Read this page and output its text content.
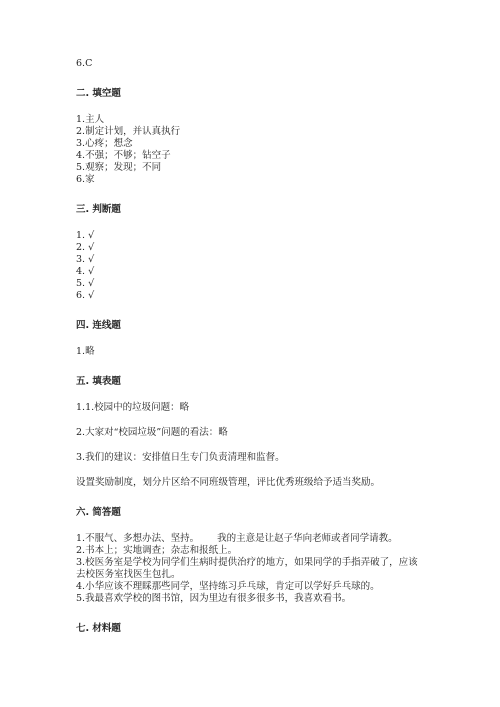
6.C
二. 填空题
1.主人
2.制定计划，并认真执行
3.心疼；想念
4.不强；不够；钻空子
5.观察；发现；不同
6.家
三. 判断题
1. √
2. √
3. √
4. √
5. √
6. √
四. 连线题
1.略
五. 填表题
1.1.校园中的垃圾问题：略
2.大家对“校园垃圾”问题的看法：略
3.我们的建议：安排值日生专门负责清理和监督。
设置奖励制度，划分片区给不同班级管理，评比优秀班级给予适当奖励。
六. 简答题
1.不服气、多想办法、坚持。 我的主意是让赵子华向老师或者同学请教。
2.书本上；实地调查；杂志和报纸上。
3.校医务室是学校为同学们生病时提供治疗的地方，如果同学的手指弄破了，应该去校医务室找医生包扎。
4.小华应该不理睬那些同学，坚持练习乒乓球，肯定可以学好乒乓球的。
5.我最喜欢学校的图书馆，因为里边有很多很多书，我喜欢看书。
七. 材料题
